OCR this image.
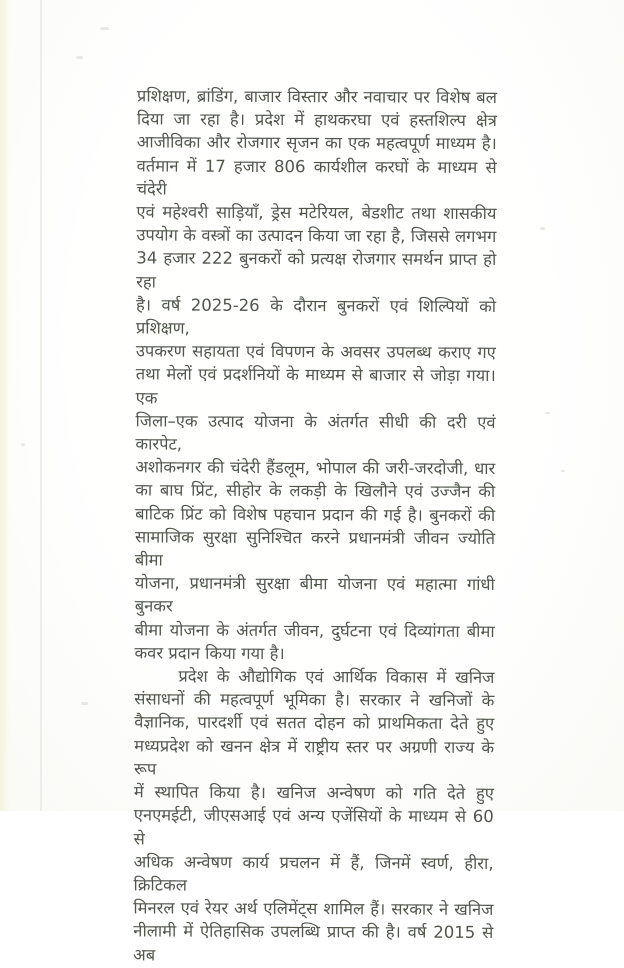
प्रशिक्षण, ब्रांडिंग, बाजार विस्तार और नवाचार पर विशेष बल
दिया जा रहा है। प्रदेश में हाथकरघा एवं हस्तशिल्प क्षेत्र
आजीविका और रोजगार सृजन का एक महत्वपूर्ण माध्यम है।
वर्तमान में 17 हजार 806 कार्यशील करघों के माध्यम से चंदेरी
एवं महेश्वरी साड़ियाँ, ड्रेस मटेरियल, बेडशीट तथा शासकीय
उपयोग के वस्त्रों का उत्पादन किया जा रहा है, जिससे लगभग
34 हजार 222 बुनकरों को प्रत्यक्ष रोजगार समर्थन प्राप्त हो रहा
है। वर्ष 2025-26 के दौरान बुनकरों एवं शिल्पियों को प्रशिक्षण,
उपकरण सहायता एवं विपणन के अवसर उपलब्ध कराए गए
तथा मेलों एवं प्रदर्शनियों के माध्यम से बाजार से जोड़ा गया। एक
जिला–एक उत्पाद योजना के अंतर्गत सीधी की दरी एवं कारपेट,
अशोकनगर की चंदेरी हैंडलूम, भोपाल की जरी-जरदोजी, धार
का बाघ प्रिंट, सीहोर के लकड़ी के खिलौने एवं उज्जैन की
बाटिक प्रिंट को विशेष पहचान प्रदान की गई है। बुनकरों की
सामाजिक सुरक्षा सुनिश्चित करने प्रधानमंत्री जीवन ज्योति बीमा
योजना, प्रधानमंत्री सुरक्षा बीमा योजना एवं महात्मा गांधी बुनकर
बीमा योजना के अंतर्गत जीवन, दुर्घटना एवं दिव्यांगता बीमा
कवर प्रदान किया गया है।
प्रदेश के औद्योगिक एवं आर्थिक विकास में खनिज
संसाधनों की महत्वपूर्ण भूमिका है। सरकार ने खनिजों के
वैज्ञानिक, पारदर्शी एवं सतत दोहन को प्राथमिकता देते हुए
मध्यप्रदेश को खनन क्षेत्र में राष्ट्रीय स्तर पर अग्रणी राज्य के रूप
में स्थापित किया है। खनिज अन्वेषण को गति देते हुए
एनएमईटी, जीएसआई एवं अन्य एजेंसियों के माध्यम से 60 से
अधिक अन्वेषण कार्य प्रचलन में हैं, जिनमें स्वर्ण, हीरा, क्रिटिकल
मिनरल एवं रेयर अर्थ एलिमेंट्स शामिल हैं। सरकार ने खनिज
नीलामी में ऐतिहासिक उपलब्धि प्राप्त की है। वर्ष 2015 से अब
